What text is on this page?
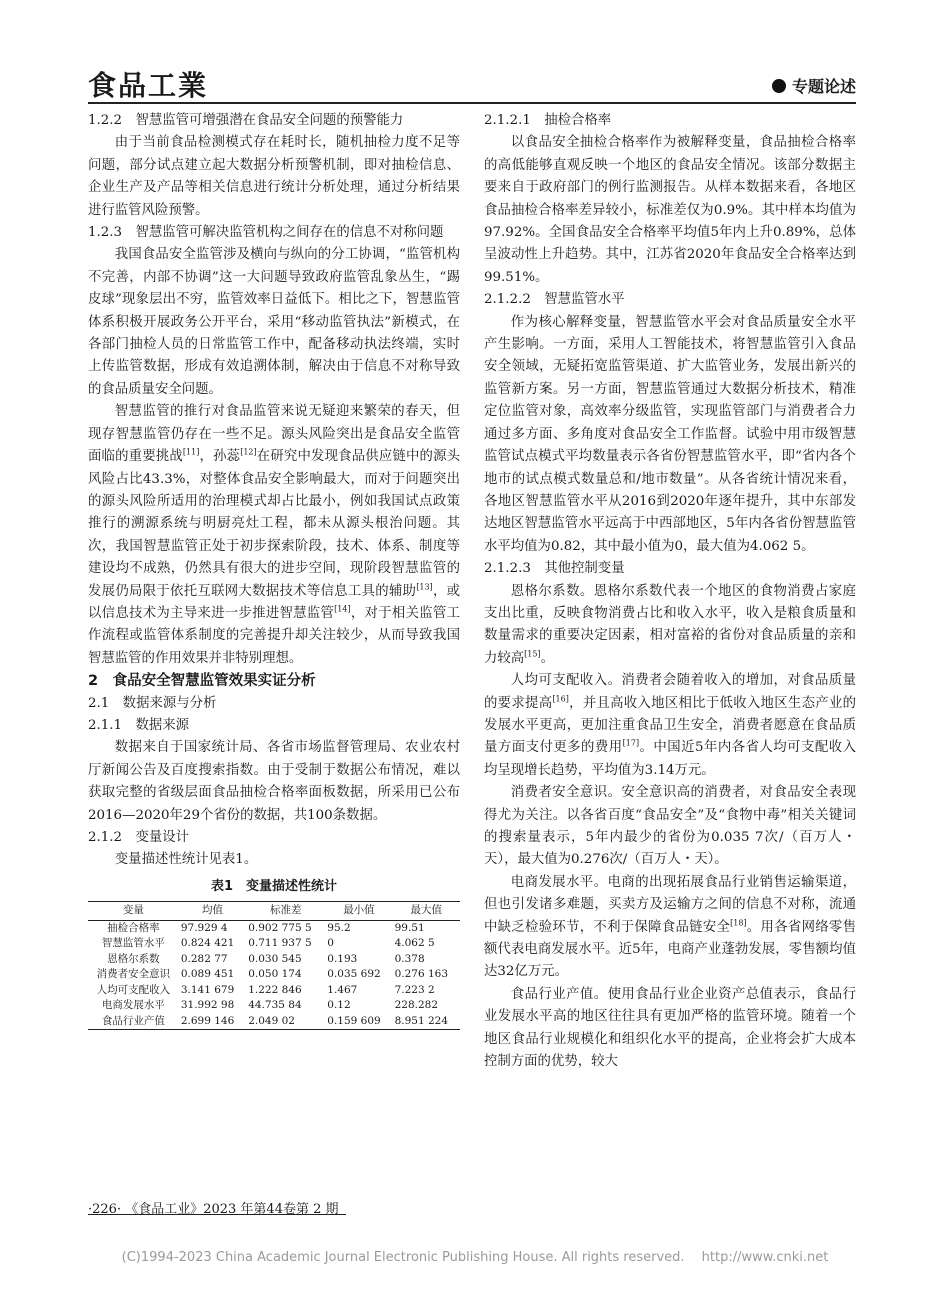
食品工業	专题论述

1.2.2　智慧监管可增强潜在食品安全问题的预警能力

由于当前食品检测模式存在耗时长，随机抽检力度不足等问题，部分试点建立起大数据分析预警机制，即对抽检信息、企业生产及产品等相关信息进行统计分析处理，通过分析结果进行监管风险预警。

1.2.3　智慧监管可解决监管机构之间存在的信息不对称问题

我国食品安全监管涉及横向与纵向的分工协调，“监管机构不完善，内部不协调”这一大问题导致政府监管乱象丛生，“踢皮球”现象层出不穷，监管效率日益低下。相比之下，智慧监管体系积极开展政务公开平台，采用“移动监管执法”新模式，在各部门抽检人员的日常监管工作中，配备移动执法终端，实时上传监管数据，形成有效追溯体制，解决由于信息不对称导致的食品质量安全问题。

智慧监管的推行对食品监管来说无疑迎来繁荣的春天，但现存智慧监管仍存在一些不足。源头风险突出是食品安全监管面临的重要挑战[11]，孙蕊[12]在研究中发现食品供应链中的源头风险占比43.3%，对整体食品安全影响最大，而对于问题突出的源头风险所适用的治理模式却占比最小，例如我国试点政策推行的溯源系统与明厨亮灶工程，都未从源头根治问题。其次，我国智慧监管正处于初步探索阶段，技术、体系、制度等建设均不成熟，仍然具有很大的进步空间，现阶段智慧监管的发展仍局限于依托互联网大数据技术等信息工具的辅助[13]，或以信息技术为主导来进一步推进智慧监管[14]，对于相关监管工作流程或监管体系制度的完善提升却关注较少，从而导致我国智慧监管的作用效果并非特别理想。

2　食品安全智慧监管效果实证分析

2.1　数据来源与分析

2.1.1　数据来源

数据来自于国家统计局、各省市场监督管理局、农业农村厅新闻公告及百度搜索指数。由于受制于数据公布情况，难以获取完整的省级层面食品抽检合格率面板数据，所采用已公布2016—2020年29个省份的数据，共100条数据。

2.1.2　变量设计

变量描述性统计见表1。

表1　变量描述性统计
变量	均值	标准差	最小值	最大值
抽检合格率	97.929 4	0.902 775 5	95.2	99.51
智慧监管水平	0.824 421	0.711 937 5	0	4.062 5
恩格尔系数	0.282 77	0.030 545	0.193	0.378
消费者安全意识	0.089 451	0.050 174	0.035 692	0.276 163
人均可支配收入	3.141 679	1.222 846	1.467	7.223 2
电商发展水平	31.992 98	44.735 84	0.12	228.282
食品行业产值	2.699 146	2.049 02	0.159 609	8.951 224

2.1.2.1　抽检合格率

以食品安全抽检合格率作为被解释变量，食品抽检合格率的高低能够直观反映一个地区的食品安全情况。该部分数据主要来自于政府部门的例行监测报告。从样本数据来看，各地区食品抽检合格率差异较小，标准差仅为0.9%。其中样本均值为97.92%。全国食品安全合格率平均值5年内上升0.89%，总体呈波动性上升趋势。其中，江苏省2020年食品安全合格率达到99.51%。

2.1.2.2　智慧监管水平

作为核心解释变量，智慧监管水平会对食品质量安全水平产生影响。一方面，采用人工智能技术，将智慧监管引入食品安全领域，无疑拓宽监管渠道、扩大监管业务，发展出新兴的监管新方案。另一方面，智慧监管通过大数据分析技术，精准定位监管对象，高效率分级监管，实现监管部门与消费者合力通过多方面、多角度对食品安全工作监督。试验中用市级智慧监管试点模式平均数量表示各省份智慧监管水平，即“省内各个地市的试点模式数量总和/地市数量”。从各省统计情况来看，各地区智慧监管水平从2016到2020年逐年提升，其中东部发达地区智慧监管水平远高于中西部地区，5年内各省份智慧监管水平均值为0.82，其中最小值为0，最大值为4.062 5。

2.1.2.3　其他控制变量

恩格尔系数。恩格尔系数代表一个地区的食物消费占家庭支出比重，反映食物消费占比和收入水平，收入是粮食质量和数量需求的重要决定因素，相对富裕的省份对食品质量的亲和力较高[15]。

人均可支配收入。消费者会随着收入的增加，对食品质量的要求提高[16]，并且高收入地区相比于低收入地区生态产业的发展水平更高，更加注重食品卫生安全，消费者愿意在食品质量方面支付更多的费用[17]。中国近5年内各省人均可支配收入均呈现增长趋势，平均值为3.14万元。

消费者安全意识。安全意识高的消费者，对食品安全表现得尤为关注。以各省百度“食品安全”及“食物中毒”相关关键词的搜索量表示，5年内最少的省份为0.035 7次/（百万人・天），最大值为0.276次/（百万人・天）。

电商发展水平。电商的出现拓展食品行业销售运输渠道，但也引发诸多难题，买卖方及运输方之间的信息不对称，流通中缺乏检验环节，不利于保障食品链安全[18]。用各省网络零售额代表电商发展水平。近5年，电商产业蓬勃发展，零售额均值达32亿万元。

食品行业产值。使用食品行业企业资产总值表示，食品行业发展水平高的地区往往具有更加严格的监管环境。随着一个地区食品行业规模化和组织化水平的提高，企业将会扩大成本控制方面的优势，较大

·226· 《食品工业》2023 年第44卷第 2 期
(C)1994-2023 China Academic Journal Electronic Publishing House. All rights reserved.　 http://www.cnki.net
